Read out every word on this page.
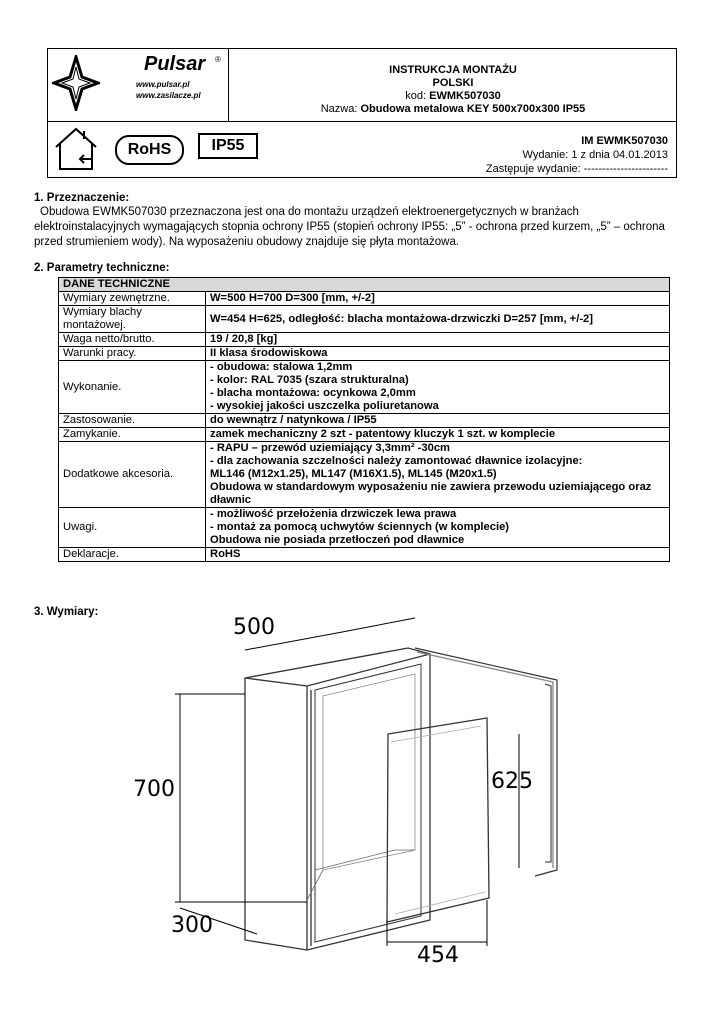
Pulsar ®
www.pulsar.pl
www.zasilacze.pl
INSTRUKCJA MONTAŻU
POLSKI
kod: EWMK507030
Nazwa: Obudowa metalowa KEY 500x700x300 IP55
RoHS	IP55	IM EWMK507030
Wydanie: 1 z dnia 04.01.2013
Zastępuje wydanie: -----------------------
1. Przeznaczenie:
Obudowa EWMK507030 przeznaczona jest ona do montażu urządzeń elektroenergetycznych w branżach elektroinstalacyjnych wymagających stopnia ochrony IP55 (stopień ochrony IP55: „5” - ochrona przed kurzem, „5” – ochrona przed strumieniem wody). Na wyposażeniu obudowy znajduje się płyta montażowa.
2. Parametry techniczne:
DANE TECHNICZNE	
Wymiary zewnętrzne.	W=500 H=700 D=300 [mm, +/-2]

Wymiary blachy montażowej.	W=454 H=625, odległość: blacha montażowa-drzwiczki D=257 [mm, +/-2]

Waga netto/brutto.	19 / 20,8 [kg]

Warunki pracy.	II klasa środowiskowa

Wykonanie.	- obudowa: stalowa 1,2mm
- kolor: RAL 7035 (szara strukturalna)
- blacha montażowa: ocynkowa 2,0mm
- wysokiej jakości uszczelka poliuretanowa

Zastosowanie.	do wewnątrz / natynkowa / IP55

Zamykanie.	zamek mechaniczny 2 szt - patentowy kluczyk 1 szt. w komplecie

Dodatkowe akcesoria.	- RAPU – przewód uziemiający 3,3mm² -30cm
- dla zachowania szczelności należy zamontować dławnice izolacyjne:
ML146 (M12x1.25), ML147 (M16X1.5), ML145 (M20x1.5)
Obudowa w standardowym wyposażeniu nie zawiera przewodu uziemiającego oraz dławnic

Uwagi.	- możliwość przełożenia drzwiczek lewa prawa
- montaż za pomocą uchwytów ściennych (w komplecie)
Obudowa nie posiada przetłoczeń pod dławnice

Deklaracje.	RoHS
3. Wymiary:
500
700
300
625
454
